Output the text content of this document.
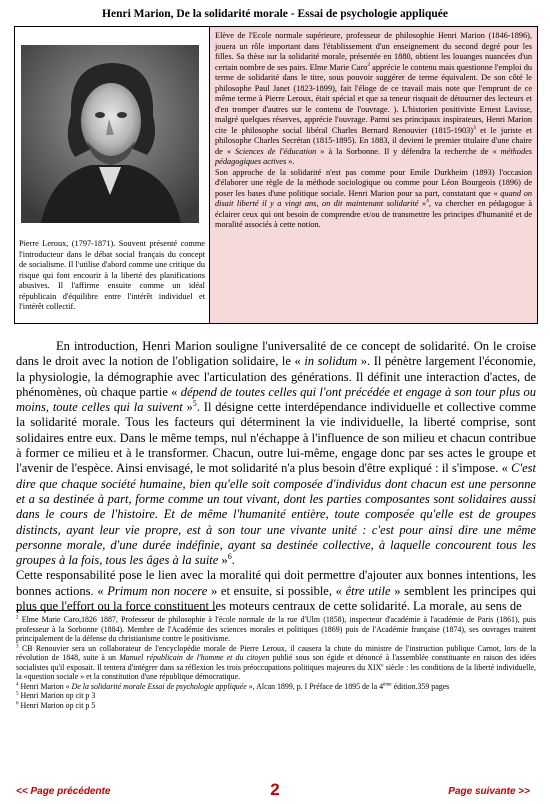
Henri Marion, De la solidarité morale - Essai de psychologie appliquée
Pierre Leroux, (1797-1871). Souvent présenté comme l'introducteur dans le débat social français du concept de socialisme. Il l'utilise d'abord comme une critique du risque qui font encourir à la liberté des planifications abusives. Il l'affirme ensuite comme un idéal républicain d'équilibre entre l'intérêt individuel et l'intérêt collectif.

Elève de l'Ecole normale supérieure, professeur de philosophie Henri Marion (1846-1896), jouera un rôle important dans l'établissement d'un enseignement du second degré pour les filles. Sa thèse sur la solidarité morale, présentée en 1880, obtient les louanges nuancées d'un certain nombre de ses pairs. Elme Marie Caro$^2$ apprécie le contenu mais questionne l'emploi du terme de solidarité dans le titre, sous pouvoir suggérer de terme équivalent. De son côté le philosophe Paul Janet (1823-1899), fait l'éloge de ce travail mais note que l'emprunt de ce même terme à Pierre Leroux, était spécial et que sa teneur risquait de détourner des lecteurs et d'en tromper d'autres sur le contenu de l'ouvrage. ). L'historien positiviste Ernest Lavisse, malgré quelques réserves, apprécie l'ouvrage. Parmi ses principaux inspirateurs, Henri Marion cite le philosophe social libéral Charles Bernard Renouvier (1815-1903)$^3$ et le juriste et philosophe Charles Secrétan (1815-1895). En 1883, il devient le premier titulaire d'une chaire de « Sciences de l'éducation » à la Sorbonne. Il y défendra la recherche de « méthodes pédagogiques actives ».

Son approche de la solidarité n'est pas comme pour Emile Durkheim (1893) l'occasion d'élaborer une règle de la méthode sociologique ou comme pour Léon Bourgeois (1896) de poser les bases d'une politique sociale. Henri Marion pour sa part, constatant que « quand on disait liberté il y a vingt ans, on dit maintenant solidarité »$^4$, va chercher en pédagogue à éclairer ceux qui ont besoin de comprendre et/ou de transmettre les principes d'humanité et de moralité associés à cette notion.

En introduction, Henri Marion souligne l'universalité de ce concept de solidarité. On le croise dans le droit avec la notion de l'obligation solidaire, le « in solidum ». Il pénètre largement l'économie, la physiologie, la démographie avec l'articulation des générations. Il définit une interaction d'actes, de phénomènes, où chaque partie « dépend de toutes celles qui l'ont précédée et engage à son tour plus ou moins, toute celles qui la suivent »$^5$. Il désigne cette interdépendance individuelle et collective comme la solidarité morale. Tous les facteurs qui déterminent la vie individuelle, la liberté comprise, sont solidaires entre eux. Dans le même temps, nul n'échappe à l'influence de son milieu et chacun contribue à former ce milieu et à le transformer. Chacun, outre lui-même, engage donc par ses actes le groupe et l'avenir de l'espèce. Ainsi envisagé, le mot solidarité n'a plus besoin d'être expliqué : il s'impose. « C'est dire que chaque société humaine, bien qu'elle soit composée d'individus dont chacun est une personne et a sa destinée à part, forme comme un tout vivant, dont les parties composantes sont solidaires aussi dans le cours de l'histoire. Et de même l'humanité entière, toute composée qu'elle est de groupes distincts, ayant leur vie propre, est à son tour une vivante unité : c'est pour ainsi dire une même personne morale, d'une durée indéfinie, ayant sa destinée collective, à laquelle concourent tous les groupes à la fois, tous les âges à la suite »$^6$.

Cette responsabilité pose le lien avec la moralité qui doit permettre d'ajouter aux bonnes intentions, les bonnes actions. « Primum non nocere » et ensuite, si possible, « être utile » semblent les principes qui plus que l'effort ou la force constituent les moteurs centraux de cette solidarité. La morale, au sens de

$^2$ Elme Marie Caro,1826 1887, Professeur de philosophie à l'école normale de la rue d'Ulm (1858), inspecteur d'académie à l'académie de Paris (1861), puis professeur à la Sorbonne (1884). Membre de l'Académie des sciences morales et politiques (1869) puis de l'Académie française (1874), ses ouvrages traitent principalement de la défense du christianisme contre le positivisme.

$^3$ CB Renouvier sera un collaborateur de l'encyclopédie morale de Pierre Leroux, il causera la chute du ministre de l'instruction publique Carnot, lors de la révolution de 1848, suite à un Manuel républicain de l'homme et du citoyen publié sous son égide et dénoncé à l'assemblée constituante en raison des idées socialistes qu'il exposait. Il tentera d'intégrer dans sa réflexion les trois préoccupations politiques majeures du XIXe siècle : les conditions de la liberté individuelle, la «question sociale » et la constitution d'une république démocratique.

$^4$ Henri Marion « De la solidarité morale Essai de psychologie appliquée », Alcan 1899, p. I Préface de 1895 de la 4ème édition.359 pages

$^5$ Henri Marion op cit p 3

$^6$ Henri Marion op cit p 5

<< Page précédente	2	Page suivante >>
